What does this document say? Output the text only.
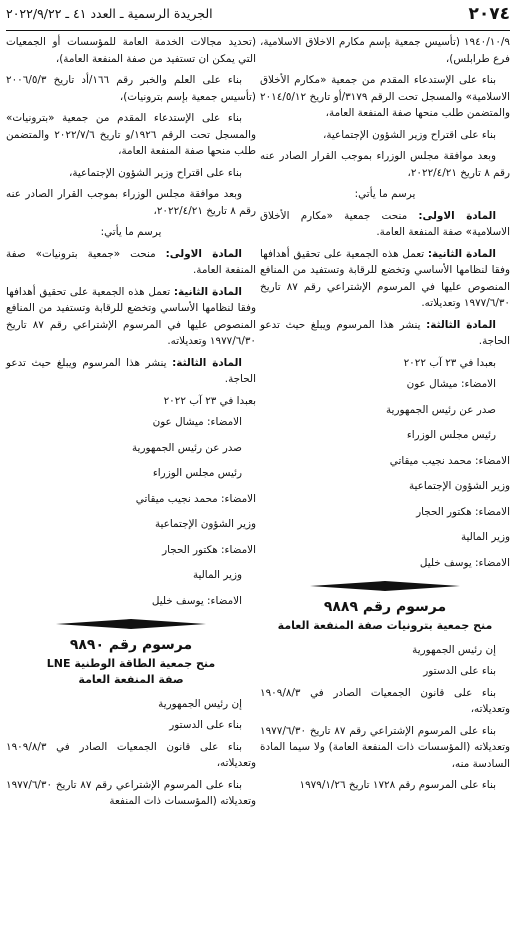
٢٠٧٤
الجريدة الرسمية ـ العدد ٤١ ـ ٢٠٢٢/٩/٢٢

١٩٤٠/١٠/٩ (تأسيس جمعية بإسم مكارم الاخلاق الاسلامية، فرع طرابلس)،

بناء على الإستدعاء المقدم من جمعية «مكارم الأخلاق الاسلامية» والمسجل تحت الرقم ٣١٧٩/أو تاريخ ٢٠١٤/٥/١٢ والمتضمن طلب منحها صفة المنفعة العامة،

بناء على اقتراح وزير الشؤون الإجتماعية،

وبعد موافقة مجلس الوزراء بموجب القرار الصادر عنه رقم ٨ تاريخ ٢٠٢٢/٤/٢١،

يرسم ما يأتي:

المادة الاولى: منحت جمعية «مكارم الأخلاق الاسلامية» صفة المنفعة العامة.

المادة الثانية: تعمل هذه الجمعية على تحقيق أهدافها وفقا لنظامها الأساسي وتخضع للرقابة وتستفيد من المنافع المنصوص عليها في المرسوم الإشتراعي رقم ٨٧ تاريخ ١٩٧٧/٦/٣٠ وتعديلاته.

المادة الثالثة: ينشر هذا المرسوم ويبلغ حيث تدعو الحاجة.

بعبدا في ٢٣ آب ٢٠٢٢

الامضاء: ميشال عون

صدر عن رئيس الجمهورية

رئيس مجلس الوزراء

الامضاء: محمد نجيب ميقاتي

وزير الشؤون الإجتماعية

الامضاء: هكتور الحجار

وزير المالية

الامضاء: يوسف خليل

مرسوم رقم ٩٨٨٩
منح جمعية بترونيات صفة المنفعة العامة

إن رئيس الجمهورية

بناء على الدستور

بناء على قانون الجمعيات الصادر في ١٩٠٩/٨/٣ وتعديلاته،

بناء على المرسوم الإشتراعي رقم ٨٧ تاريخ ١٩٧٧/٦/٣٠ وتعديلاته (المؤسسات ذات المنفعة العامة) ولا سيما المادة السادسة منه،

بناء على المرسوم رقم ١٧٢٨ تاريخ ١٩٧٩/١/٢٦

(تحديد مجالات الخدمة العامة للمؤسسات أو الجمعيات التي يمكن ان تستفيد من صفة المنفعة العامة)،

بناء على العلم والخبر رقم ١٦٦/أد تاريخ ٢٠٠٦/٥/٣ (تأسيس جمعية بإسم بترونيات)،

بناء على الإستدعاء المقدم من جمعية «بترونيات» والمسجل تحت الرقم ١٩٢٦/و تاريخ ٢٠٢٢/٧/٦ والمتضمن طلب منحها صفة المنفعة العامة،

بناء على اقتراح وزير الشؤون الإجتماعية،

وبعد موافقة مجلس الوزراء بموجب القرار الصادر عنه رقم ٨ تاريخ ٢٠٢٢/٤/٢١،

يرسم ما يأتي:

المادة الاولى: منحت «جمعية بترونيات» صفة المنفعة العامة.

المادة الثانية: تعمل هذه الجمعية على تحقيق أهدافها وفقا لنظامها الأساسي وتخضع للرقابة وتستفيد من المنافع المنصوص عليها في المرسوم الإشتراعي رقم ٨٧ تاريخ ١٩٧٧/٦/٣٠ وتعديلاته.

المادة الثالثة: ينشر هذا المرسوم ويبلغ حيث تدعو الحاجة.

بعبدا في ٢٣ آب ٢٠٢٢

الامضاء: ميشال عون

صدر عن رئيس الجمهورية

رئيس مجلس الوزراء

الامضاء: محمد نجيب ميقاتي

وزير الشؤون الإجتماعية

الامضاء: هكتور الحجار

وزير المالية

الامضاء: يوسف خليل

مرسوم رقم ٩٨٩٠
منح جمعية الطاقة الوطنية LNE
صفة المنفعة العامة

إن رئيس الجمهورية

بناء على الدستور

بناء على قانون الجمعيات الصادر في ١٩٠٩/٨/٣ وتعديلاته،

بناء على المرسوم الإشتراعي رقم ٨٧ تاريخ ١٩٧٧/٦/٣٠ وتعديلاته (المؤسسات ذات المنفعة
